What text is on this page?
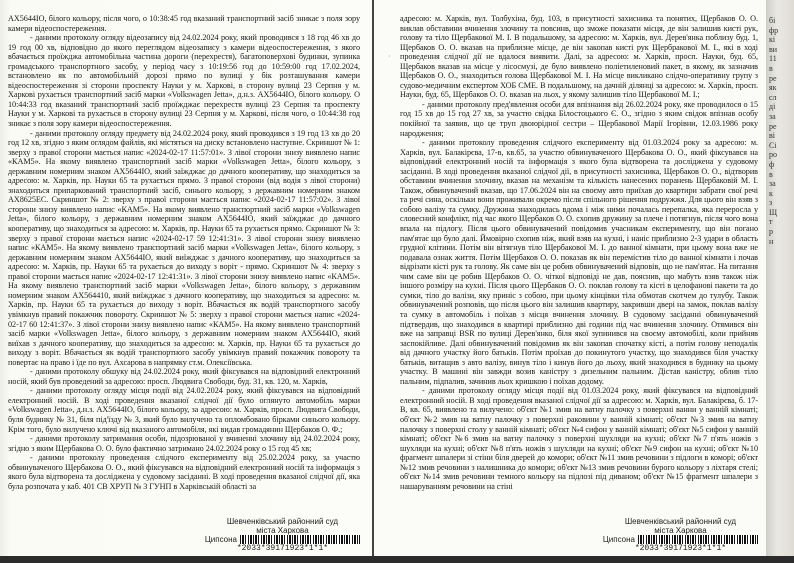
АХ5644ІО, білого кольору, після чого, о 10:38:45 год вказаний транспортний засіб зникає з поля зору камери відеоспостереження.

- даними протоколу огляду відеозапису від 24.02.2024 року, який проводився з 18 год 46 хв до 19 год 00 хв, відповідно до якого переглядом відеозапису з камери відеоспостереження, з якого вбачається проїжджа автомобільна частина дороги (перехрестя), багатоповерхові будинки, зупинка громадського транспортного засобу, у період часу з 10:19:56 год до 10:59:00 год 17.02.2024, встановлено як по автомобільній дорозі прямо по вулиці у бік розташування камери відеоспостереження зі сторони проспекту Науки у м. Харкові, в сторону вулиці 23 Серпня у м. Харкові рухається транспортний засіб марки «Volkswagen Jetta», д.н.з. АХ5644ІО, білого кольору. О 10:44:33 год вказаний транспортний засіб проїжджає перехрестя вулиці 23 Серпня та проспекту Науки у м. Харкові та рухається в сторону вулиці 23 Серпня у м. Харкові, після чого, о 10:44:38 год зникає з поля зору камери відеоспостереження.

- даними протоколу огляду предмету від 24.02.2024 року, який проводився з 19 год 13 хв до 20 год 12 хв, згідно з яким оглядом файлів, які містяться на диску встановлено наступне. Скриншот № 1: зверху з правої сторони мається напис «2024-02-17 11:57:01». З лівої сторони знизу виявлено напис «КАМ5». На якому виявлено транспортний засіб марки «Volkswagen Jetta», білого кольору, з державним номерним знаком АХ5644ІО, який заїжджає до дачного кооперативу, що знаходиться за адресою: м. Харків, пр. Науки 65 та рухається прямо. З правої сторони (від водія з лівої сторони) знаходиться припаркований транспортний засіб, синього кольору, з державним номерним знаком АХ8625ЕС. Скриншот № 2: зверху з правої сторони мається напис «2024-02-17 11:57:02». З лівої сторони знизу виявлено напис «КАМ5». На якому виявлено транспортний засіб марки «Volkswagen Jetta», білого кольору, з державним номерним знаком АХ5644ІО, який заїжджає до дачного кооперативу, що знаходиться за адресою: м. Харків, пр. Науки 65 та рухається прямо. Скриншот № 3: зверху з правої сторони мається напис «2024-02-17 59 12:41:31». З лівої сторони знизу виявлено напис «КАМ5». На якому виявлено транспортний засіб марки «Volkswagen Jetta», білого кольору, з державним номерним знаком АХ5644ІО, який виїжджає з дачного кооперативу, що знаходиться за адресою: м. Харків, пр. Науки 65 та рухається до виходу з воріт - прямо. Скриншот № 4: зверху з правої сторони мається напис «2024-02-17 12:41:31». З лівої сторони знизу виявлено напис «КАМ5». На якому виявлено транспортний засіб марки «Volkswagen Jetta», білого кольору, з державним номерним знаком АХ564410, який виїжджає з дачного кооперативу, що знаходиться за адресою: м. Харків, пр. Науки 65 та рухається до виходу з воріт. Вбачається як водій транспортного засобу увімкнув правий покажчик повороту. Скриншот № 5: зверху з правої сторони мається напис «2024-02-17 60 12:41:37». З лівої сторони знизу виявлено напис «КАМ5». На якому виявлено транспортний засіб марки «Volkswagen Jetta», білого кольору, з державним номерним знаком АХ5644ІО, який виїхав з дачного кооперативу, що знаходиться за адресою: м. Харків, пр. Науки 65 та рухається до виходу з воріт. Вбачається як водій транспортного засобу увімкнув правий покажчик повороту та повертає на право і їде по вул. Ахсарова в напрямку ст.м. Олексіївська.

- даними протоколу обшуку від 24.02.2024 року, який фіксувався на відповідний електронний носій, який був проведений за адресою: просп. Людвига Свободи, буд. 31, кв. 120, м. Харків,

- даними протоколу огляду місця події від 24.02.2024 року, який фіксувався на відповідний електронний носій. В ході проведення вказаної слідчої дії було оглянуто автомобіль марки «Volkswagen Jetta», д.н.з. АХ5644ІО, білого кольору, за адресою: м. Харків, просп. Людвига Свободи, буля будинку № 31, біля під'їзду № 3, який було вилучено та опломбовано бірками синього кольору. Крім того, було вилучено ключі від вказаного автомобіля, які видав громадянин Щербаков О. Ф.;

- даними протоколу затримання особи, підозрюваної у вчиненні злочину від 24.02.2024 року, згідно з яким Щербакова О. О. було фактично затримано 24.02.2024 року о 15 год 45 хв;

- даними протоколу проведення слідчого експерименту від 25.02.2024 року, за участю обвинуваченого Щербакова О. О., який фіксувався на відповідний електронний носій та інформація з якого була відтворена та досліджена у судовому засіданні. В ході проведення вказаної слідчої дії, яка була розпочата у каб. 401 СВ ХРУП № 3 ГУНП в Харківській області за

Шевченківський районний суд
міста Харкова
Ципсона
*2033*39171923*1*1*
·

адресою: м. Харків, вул. Толбухіна, буд. 103, в присутності захисника та понятих, Щербаков О. О. виклав обставини вчинення злочину та повсинв, що зможе показати місця, де він залишив кисті рук, голову та тіло Щербакової М. І. В подальшому, за адресою: м. Харків, вул. Дерев'янка поблизу буд. 1, Щербаков О. О. вказав на приблизне місце, де він закопав кисті рук Щербракової М. І., які в ході проведення слідчої дії не вдалося виявити. Далі, за адресою: м. Харків, просп. Науки, буд. 65, Щербаков вказав на місце у лісосмузі, де було виявлено поліетиленовий пакет, в якому, як зазначив Щербаков О. О., знаходиться голова Щербакової М. І. На місце викликано слідчо-оперативну групу з судово-медичним експертом ХОБ СМЕ. В подальшому, на дачній ділянці за адресою: м. Харків, просп. Науки, буд. 65, Щербаков О. О. вказав на льох, у якому залишив тіло Щербакової М. І.;

- даними протоколу пред'явлення особи для впізнання від 26.02.2024 року, яке проводилося о 15 год 15 хв до 15 год 27 хв, за участю свідка Білостоцького Є. О., згідно з яким свідок впізнав особу покійної та заявив, що це труп двоюрідної сестри – Щербакової Марії Ігорівни, 12.03.1986 року народження;

- даними протоколу проведення слідчого експерименту від 01.03.2024 року за адресою: м. Харків, вул. Балакірєва, 17-в, кв.65, за участю обвинуваченого Щербакова О. О., який фіксувався на відповідний електронний носій та інформація з якого була відтворена та досліджена у судовому засіданні. В ході проведення вказаної слідчої дії, в присутності захисника, Щербаков О. О., відтворив обставини вчинення злочину, вказав на механізм та кількість нанесених поранень Щербаковій М. І. Також, обвинувачений вказав, що 17.06.2024 він на своєму авто приїхав до квартири забрати свої речі та речі сина, оскільки вони проживали окремо після спільного рішення подружжя. Для цього він взяв з собою валізу та сумку. Дружина знаходилась вдома і між ними почалась перепалка, яка переросла у словесний конфлікт, під час якого Щербаков О. О. схопив дружину за плече і потягнув, після чого вона впала на підлогу. Після цього обвинувачений повідомив учасникам експерименту, що він погано пам'ятає що було далі. Ймовірно схопив ніж, який взяв на кухні, і наніс приблизно 2-3 удари в область грудної клітини. Потім він вітягнув тіло Щербакової М. І. до ванної кімнати, при цьому вона вже не подавала ознак життя. Потім Щербаков О. О. показав як він перемістив тіло до ванної кімнати і почав відрізати кісті рук та голову. Як саме він це робив обвинувачений відповів, що не пам'ятає. На питання чим саме він це робив Щербаков О. О. чіткої відповіді не дав, пояснив, що мабуть взяв також ніж іншого розміру на кухні. Після цього Щербаков О. О. поклав голову та кісті в целофанові пакети та до сумки, тіло до валізи, яку приніс з собою, при цьому кінцівки тіла обмотав скотчем до тулубу. Також обвинувачений розповів, що після цього він залишив квартиру, закривши двері на замок, поклав валізу та сумку в автомобіль і поїхав з місця вчинення злочину. В судовому засіданні обвинувачений підтвердив, що знаходився в квартирі приблизно дві години під час вчинення злочину. Отямився він вже на заправці BSR по вулиці Дерев'янко, біля якої зупинився на своєму автомобілі, коли прийняв заспокійливе. Далі обвинувачений повідомив як він закопав спочатку кісті, а потім голову неподалік від дачного участку його батьків. Потім проїхав до покинутого участку, що знаходився біля участку батьків, витащив з авто валізу, винув тіло і кинув його до льоху, який знаходився в будинку на цьому участку. В машині він завжди возив каністру з дизельним пальним. Дістав каністру, облив тіло пальним, підпалив, зачинив льох кришкою і поїхав додому.

- даними протоколу огляду місця події від 01.03.2024 року, який фіксувався на відповідний електронний носій. В ході проведення вказаної слідчої дії за адресою: м. Харків, вул. Балакірєва, б. 17-В, кв. 65, виявлено та вилучено: об'єкт №1 змив на ватну палочку з поверхні ванни у ванній кімнаті; об'єкт №2 змив на ватну палочку з поверхні раковини у ванній кімнаті; об'єкт №3 змив на ватну палочку з поверхні столу у ванній кімнаті; об'єкт №4 сифон у ванній кімнаті; об'єкт №5 сифон у ванній кімнаті; об'єкт №6 змив на ватну палочку з поверхні шухляди на кухні; об'єкт №7 п'ять ножів з шухляди на кухні; об'єкт №8 п'ять ножів з шухляди на кухні; об'єкт №9 сифон на кухні; об'єкт №10 фрагмент шпалери зі стіни біля дверей до комори; об'єкт №11 змив речовини з підлоги в коморі; об'єкт №12 змив речовини з налишника до комори; об'єкт №13 змив речовини бурого кольору з ліхтаря стелі; об'єкт №14 змив речовини темного кольору на підлозі під диваном; об'єкт №15 фрагмент шпалери з нашаруванням речовини на стіні

Шевченківський районний суд
міста Харкова
Ципсона
*2033*39171923*1*1*
бі
фр
кі
ви
11
в
ре
як
сл
ді
за
ре
ві
Сі
ро
ф
в
за
к
з
Щ
т
р
н
